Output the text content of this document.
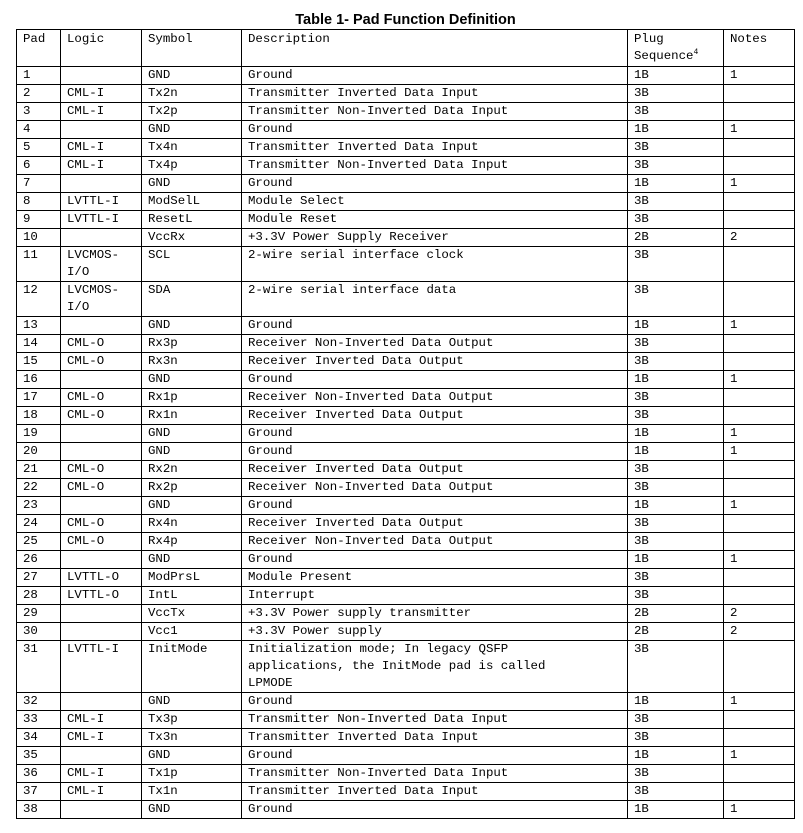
Table 1- Pad Function Definition
Pad	Logic	Symbol	Description	Plug Sequence$^4$	Notes
1		GND	Ground	1B	1
2	CML-I	Tx2n	Transmitter Inverted Data Input	3B	
3	CML-I	Tx2p	Transmitter Non-Inverted Data Input	3B	
4		GND	Ground	1B	1
5	CML-I	Tx4n	Transmitter Inverted Data Input	3B	
6	CML-I	Tx4p	Transmitter Non-Inverted Data Input	3B	
7		GND	Ground	1B	1
8	LVTTL-I	ModSelL	Module Select	3B	
9	LVTTL-I	ResetL	Module Reset	3B	
10		VccRx	+3.3V Power Supply Receiver	2B	2
11	LVCMOS-
I/O	SCL	2-wire serial interface clock	3B	
12	LVCMOS-
I/O	SDA	2-wire serial interface data	3B	
13		GND	Ground	1B	1
14	CML-O	Rx3p	Receiver Non-Inverted Data Output	3B	
15	CML-O	Rx3n	Receiver Inverted Data Output	3B	
16		GND	Ground	1B	1
17	CML-O	Rx1p	Receiver Non-Inverted Data Output	3B	
18	CML-O	Rx1n	Receiver Inverted Data Output	3B	
19		GND	Ground	1B	1
20		GND	Ground	1B	1
21	CML-O	Rx2n	Receiver Inverted Data Output	3B	
22	CML-O	Rx2p	Receiver Non-Inverted Data Output	3B	
23		GND	Ground	1B	1
24	CML-O	Rx4n	Receiver Inverted Data Output	3B	
25	CML-O	Rx4p	Receiver Non-Inverted Data Output	3B	
26		GND	Ground	1B	1
27	LVTTL-O	ModPrsL	Module Present	3B	
28	LVTTL-O	IntL	Interrupt	3B	
29		VccTx	+3.3V Power supply transmitter	2B	2
30		Vcc1	+3.3V Power supply	2B	2
31	LVTTL-I	InitMode	Initialization mode; In legacy QSFP
applications, the InitMode pad is called
LPMODE	3B	
32		GND	Ground	1B	1
33	CML-I	Tx3p	Transmitter Non-Inverted Data Input	3B	
34	CML-I	Tx3n	Transmitter Inverted Data Input	3B	
35		GND	Ground	1B	1
36	CML-I	Tx1p	Transmitter Non-Inverted Data Input	3B	
37	CML-I	Tx1n	Transmitter Inverted Data Input	3B	
38		GND	Ground	1B	1
